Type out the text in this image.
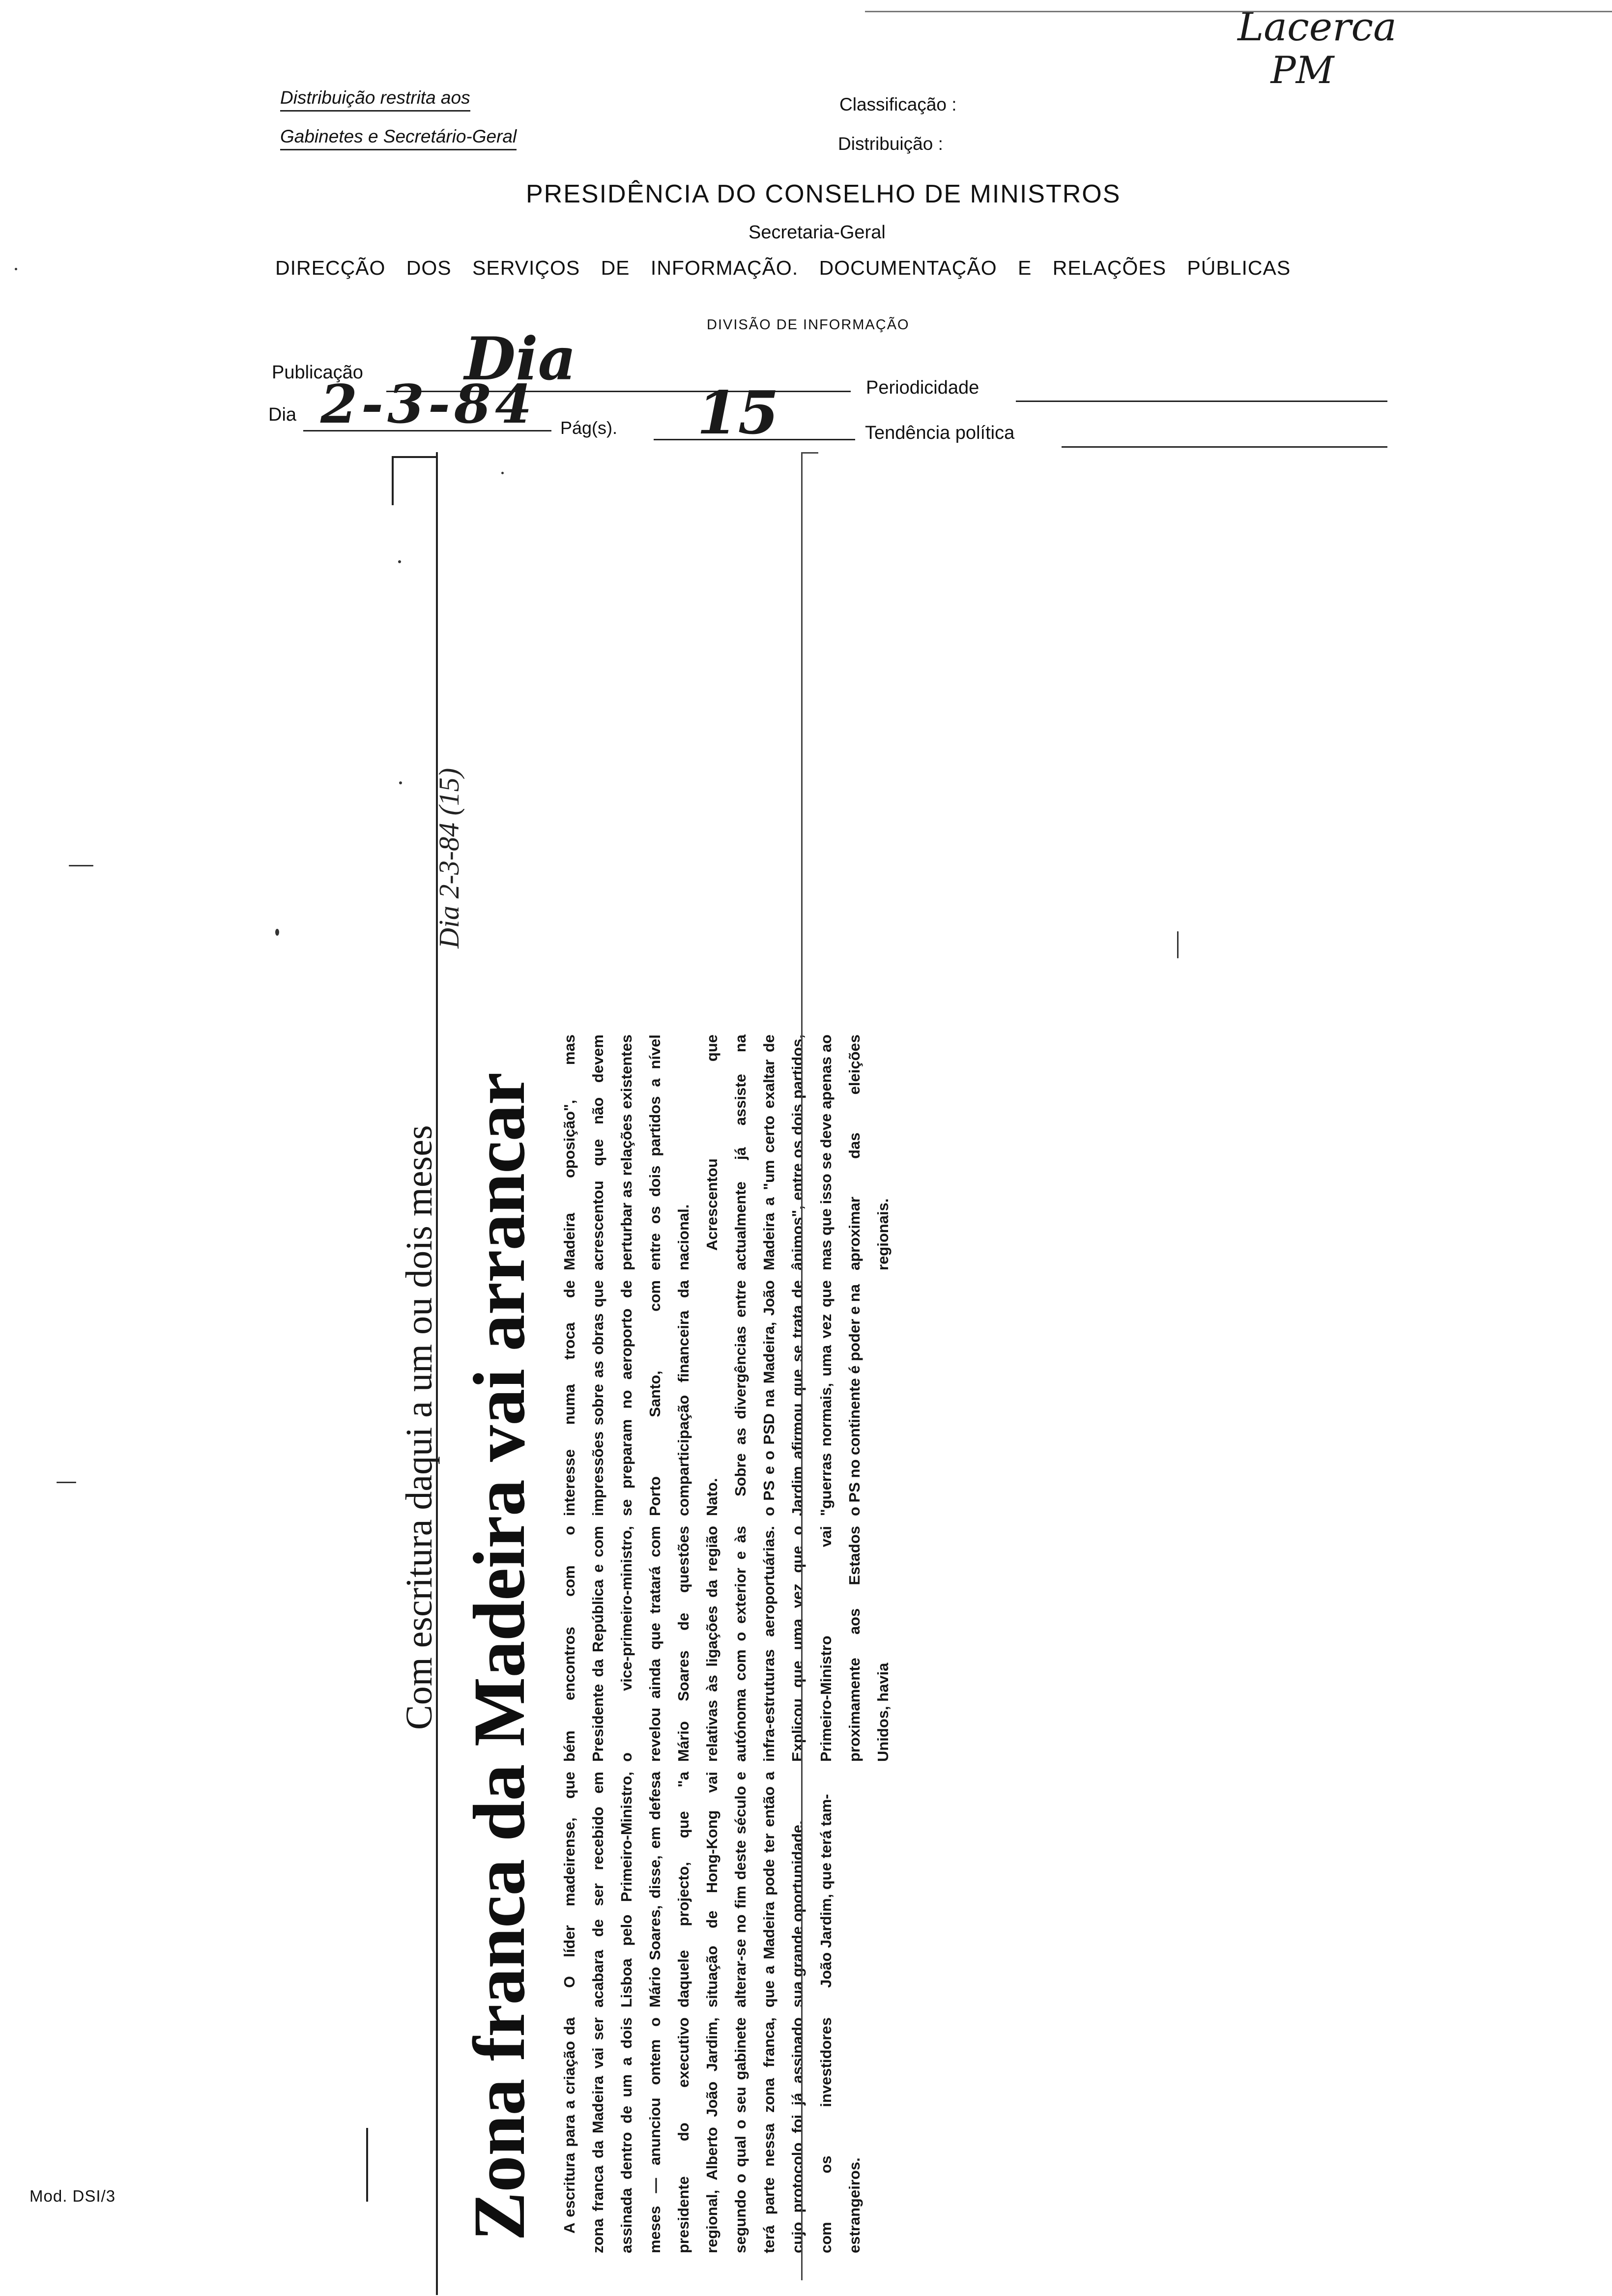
Lacerca
PM
Distribuição restrita aos
Gabinetes e Secretário-Geral
Classificação :
Distribuição :
PRESIDÊNCIA DO CONSELHO DE MINISTROS
Secretaria-Geral
DIRECÇÃO DOS SERVIÇOS DE INFORMAÇÃO. DOCUMENTAÇÃO E RELAÇÕES PÚBLICAS
DIVISÃO DE INFORMAÇÃO
Publicação Dia	Periodicidade
Dia 2-3-84 Pág(s). 15	Tendência política
Com escritura daqui a um ou dois meses
Dia 2-3-84 (15)
Zona franca da Madeira vai arrancar	A escritura para a criação da zona franca da Madeira vai ser assinada dentro de um a dois meses — anunciou ontem o presidente do executivo regional, Alberto João Jardim, segundo o qual o seu gabinete terá parte nessa zona franca, cujo protocolo foi já assinado com os investidores estrangeiros.

O líder madeirense, que acabara de ser recebido em Lisboa pelo Primeiro-Ministro, Mário Soares, disse, em defesa daquele projecto, que "a situação de Hong-Kong vai alterar-se no fim deste século e que a Madeira pode ter então a sua grande oportunidade. João Jardim, que terá tam-

bém encontros com o Presidente da República e com o vice-primeiro-ministro, revelou ainda que tratará com Mário Soares de questões relativas às ligações da região autónoma com o exterior e às infra-estruturas aeroportuárias. Explicou que uma vez que o Primeiro-Ministro vai proximamente aos Estados Unidos, havia

interesse numa troca de impressões sobre as obras que se preparam no aeroporto de Porto Santo, com comparticipação financeira da Nato.

Sobre as divergências entre o PS e o PSD na Madeira, João Jardim afirmou que se trata de "guerras normais, uma vez que o PS no continente é poder e na

Madeira oposição", mas acrescentou que não devem perturbar as relações existentes entre os dois partidos a nível nacional. Acrescentou que actualmente já assiste na Madeira a "um certo exaltar de ânimos", entre os dois partidos, mas que isso se deve apenas ao aproximar das eleições regionais.

Mod. DSI/3
